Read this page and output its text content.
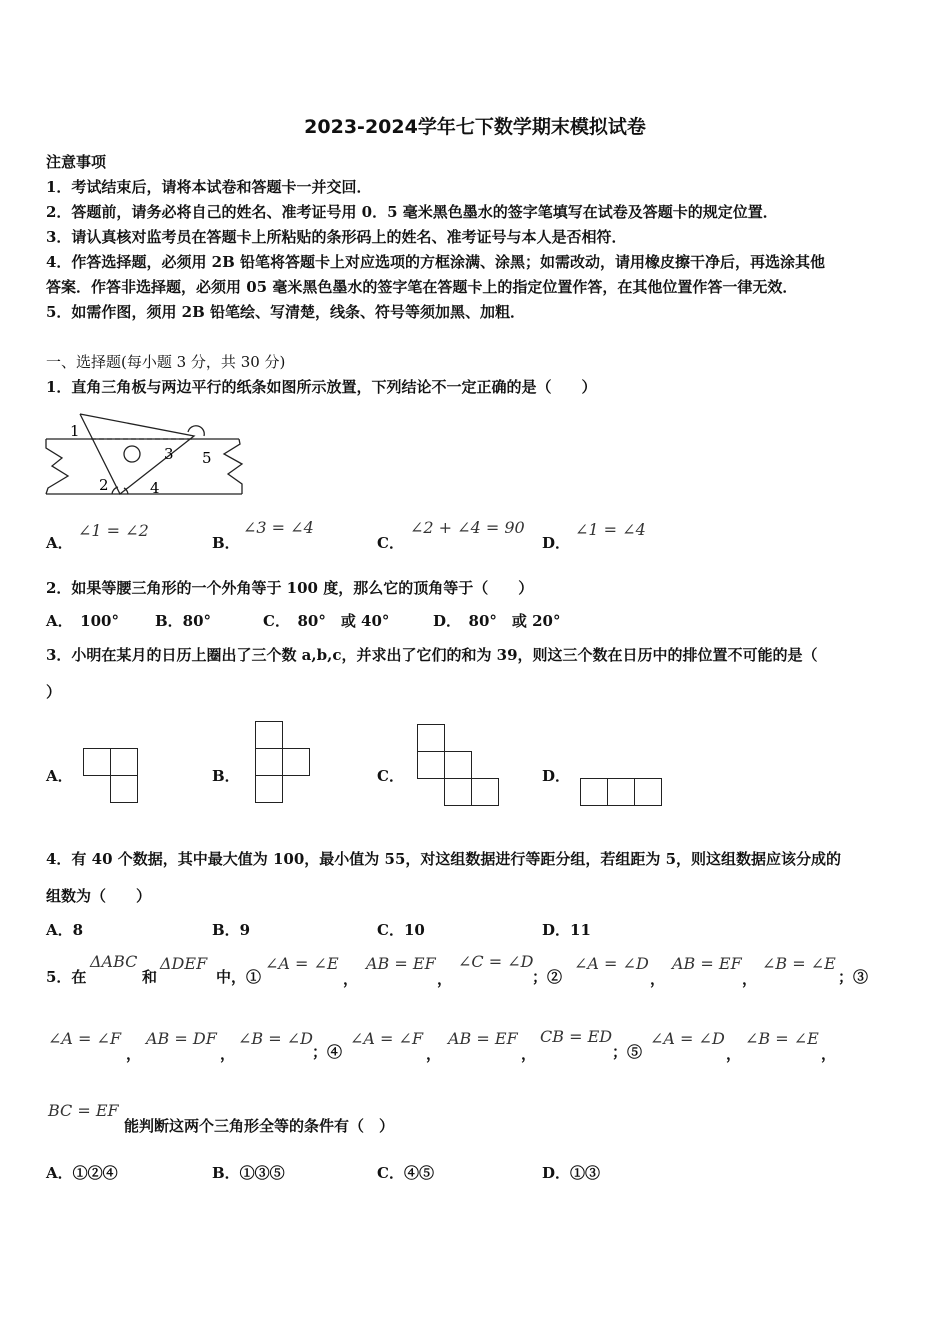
2023-2024学年七下数学期末模拟试卷
注意事项
1．考试结束后，请将本试卷和答题卡一并交回．
2．答题前，请务必将自己的姓名、准考证号用 0．5 毫米黑色墨水的签字笔填写在试卷及答题卡的规定位置．
3．请认真核对监考员在答题卡上所粘贴的条形码上的姓名、准考证号与本人是否相符．
4．作答选择题，必须用 2B 铅笔将答题卡上对应选项的方框涂满、涂黑；如需改动，请用橡皮擦干净后，再选涂其他
答案．作答非选择题，必须用 05 毫米黑色墨水的签字笔在答题卡上的指定位置作答，在其他位置作答一律无效．
5．如需作图，须用 2B 铅笔绘、写清楚，线条、符号等须加黑、加粗．
一、选择题(每小题 3 分，共 30 分)
1．直角三角板与两边平行的纸条如图所示放置，下列结论不一定正确的是（　　）
1
2
3
4
5
A．
∠1 = ∠2
B．
∠3 = ∠4
C．
∠2 + ∠4 = 90
D．
∠1 = ∠4
2．如果等腰三角形的一个外角等于 100 度，那么它的顶角等于（　　）
A．　100° B．80°	C．　80°　或 40°	D．　80°　或 20°
3．小明在某月的日历上圈出了三个数 a,b,c，并求出了它们的和为 39，则这三个数在日历中的排位置不可能的是（
）
A．	B．	C．	D．
4．有 40 个数据，其中最大值为 100，最小值为 55，对这组数据进行等距分组，若组距为 5，则这组数据应该分成的
组数为（　　）
A．8	B．9	C．10	D．11
5．在
ΔABC
和
ΔDEF
中，①
∠A = ∠E
，
AB = EF
，
∠C = ∠D
；②
∠A = ∠D
，
AB = EF
，
∠B = ∠E
；③
∠A = ∠F
，
AB = DF
，
∠B = ∠D
；④
∠A = ∠F
，
AB = EF
，
CB = ED
；⑤
∠A = ∠D
，
∠B = ∠E
，
BC = EF
能判断这两个三角形全等的条件有（　）
A．①②④	B．①③⑤	C．④⑤	D．①③
